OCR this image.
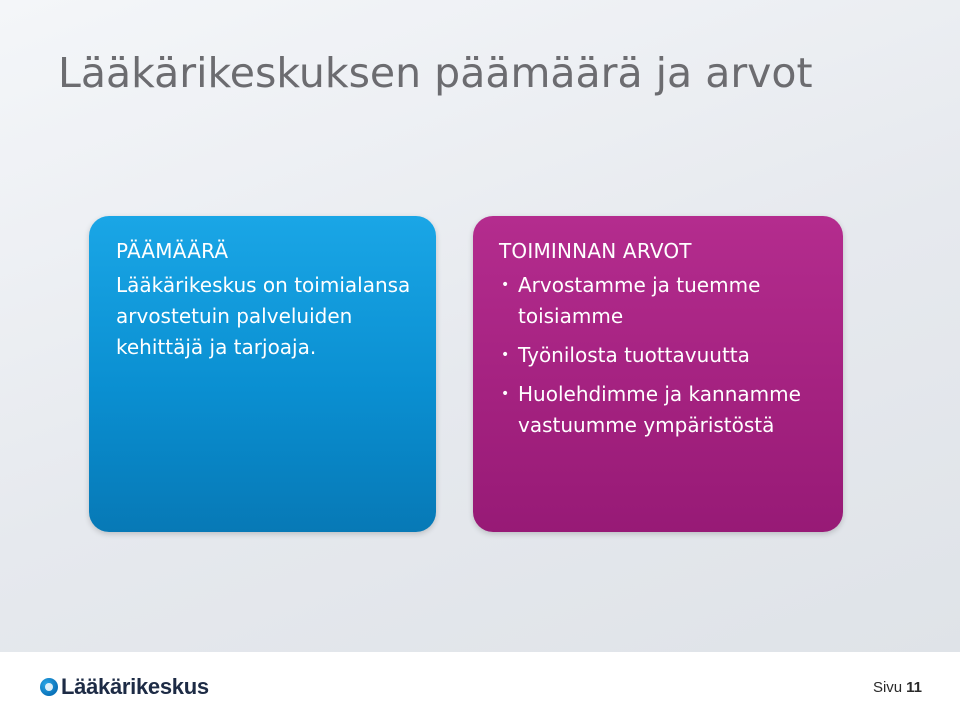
Lääkärikeskuksen päämäärä ja arvot
PÄÄMÄÄRÄ

Lääkärikeskus on toimialansa arvostetuin palveluiden kehittäjä ja tarjoaja.

TOIMINNAN ARVOT
• Arvostamme ja tuemme toisiamme
• Työnilosta tuottavuutta
• Huolehdimme ja kannamme vastuumme ympäristöstä
Lääkärikeskus	Sivu 11
